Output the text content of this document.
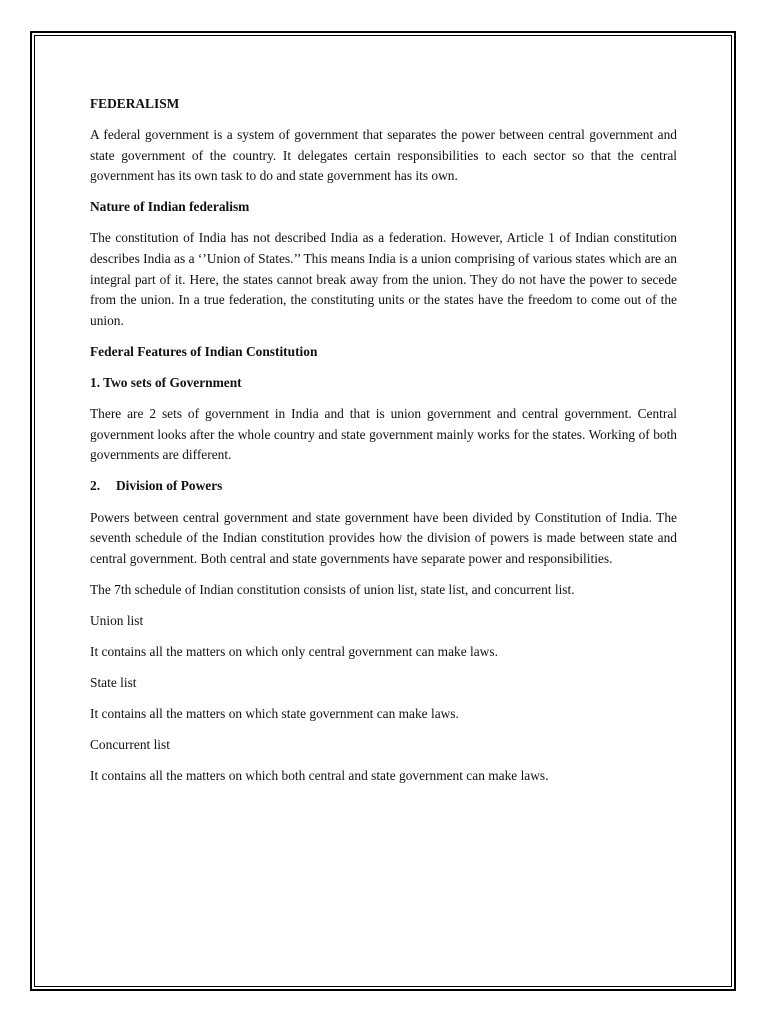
FEDERALISM

A federal government is a system of government that separates the power between central government and state government of the country. It delegates certain responsibilities to each sector so that the central government has its own task to do and state government has its own.

Nature of Indian federalism

The constitution of India has not described India as a federation. However, Article 1 of Indian constitution describes India as a ‘’Union of States.’’ This means India is a union comprising of various states which are an integral part of it. Here, the states cannot break away from the union. They do not have the power to secede from the union. In a true federation, the constituting units or the states have the freedom to come out of the union.

Federal Features of Indian Constitution

1. Two sets of Government

There are 2 sets of government in India and that is union government and central government. Central government looks after the whole country and state government mainly works for the states. Working of both governments are different.

2. Division of Powers

Powers between central government and state government have been divided by Constitution of India. The seventh schedule of the Indian constitution provides how the division of powers is made between state and central government. Both central and state governments have separate power and responsibilities.

The 7th schedule of Indian constitution consists of union list, state list, and concurrent list.

Union list

It contains all the matters on which only central government can make laws.

State list

It contains all the matters on which state government can make laws.

Concurrent list

It contains all the matters on which both central and state government can make laws.
